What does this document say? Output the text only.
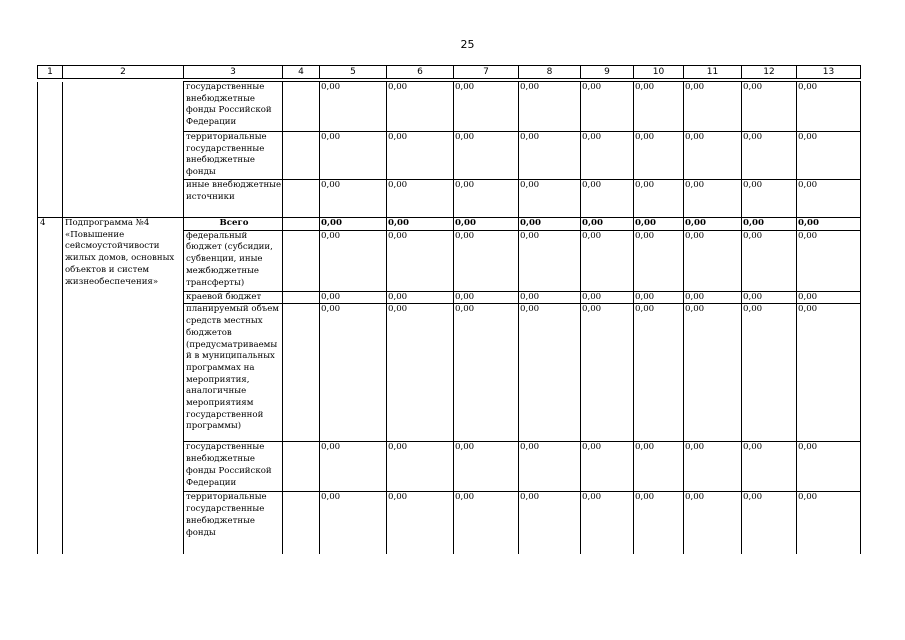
25
1	2	3	4	5	6	7	8	9	10	11	12	13
		государственные внебюджетные фонды Российской Федерации		0,00	0,00	0,00	0,00	0,00	0,00	0,00	0,00	0,00
		территориальные государственные внебюджетные фонды		0,00	0,00	0,00	0,00	0,00	0,00	0,00	0,00	0,00
		иные внебюджетные источники		0,00	0,00	0,00	0,00	0,00	0,00	0,00	0,00	0,00
4	Подпрограмма №4 «Повышение сейсмоустойчивости жилых домов, основных объектов и систем жизнеобеспечения»	Всего		0,00	0,00	0,00	0,00	0,00	0,00	0,00	0,00	0,00
		федеральный бюджет (субсидии, субвенции, иные межбюджетные трансферты)		0,00	0,00	0,00	0,00	0,00	0,00	0,00	0,00	0,00
		краевой бюджет		0,00	0,00	0,00	0,00	0,00	0,00	0,00	0,00	0,00
		планируемый объем средств местных бюджетов (предусматриваемы й в муниципальных программах на мероприятия, аналогичные мероприятиям государственной программы)		0,00	0,00	0,00	0,00	0,00	0,00	0,00	0,00	0,00
		государственные внебюджетные фонды Российской Федерации		0,00	0,00	0,00	0,00	0,00	0,00	0,00	0,00	0,00
		территориальные государственные внебюджетные фонды		0,00	0,00	0,00	0,00	0,00	0,00	0,00	0,00	0,00
